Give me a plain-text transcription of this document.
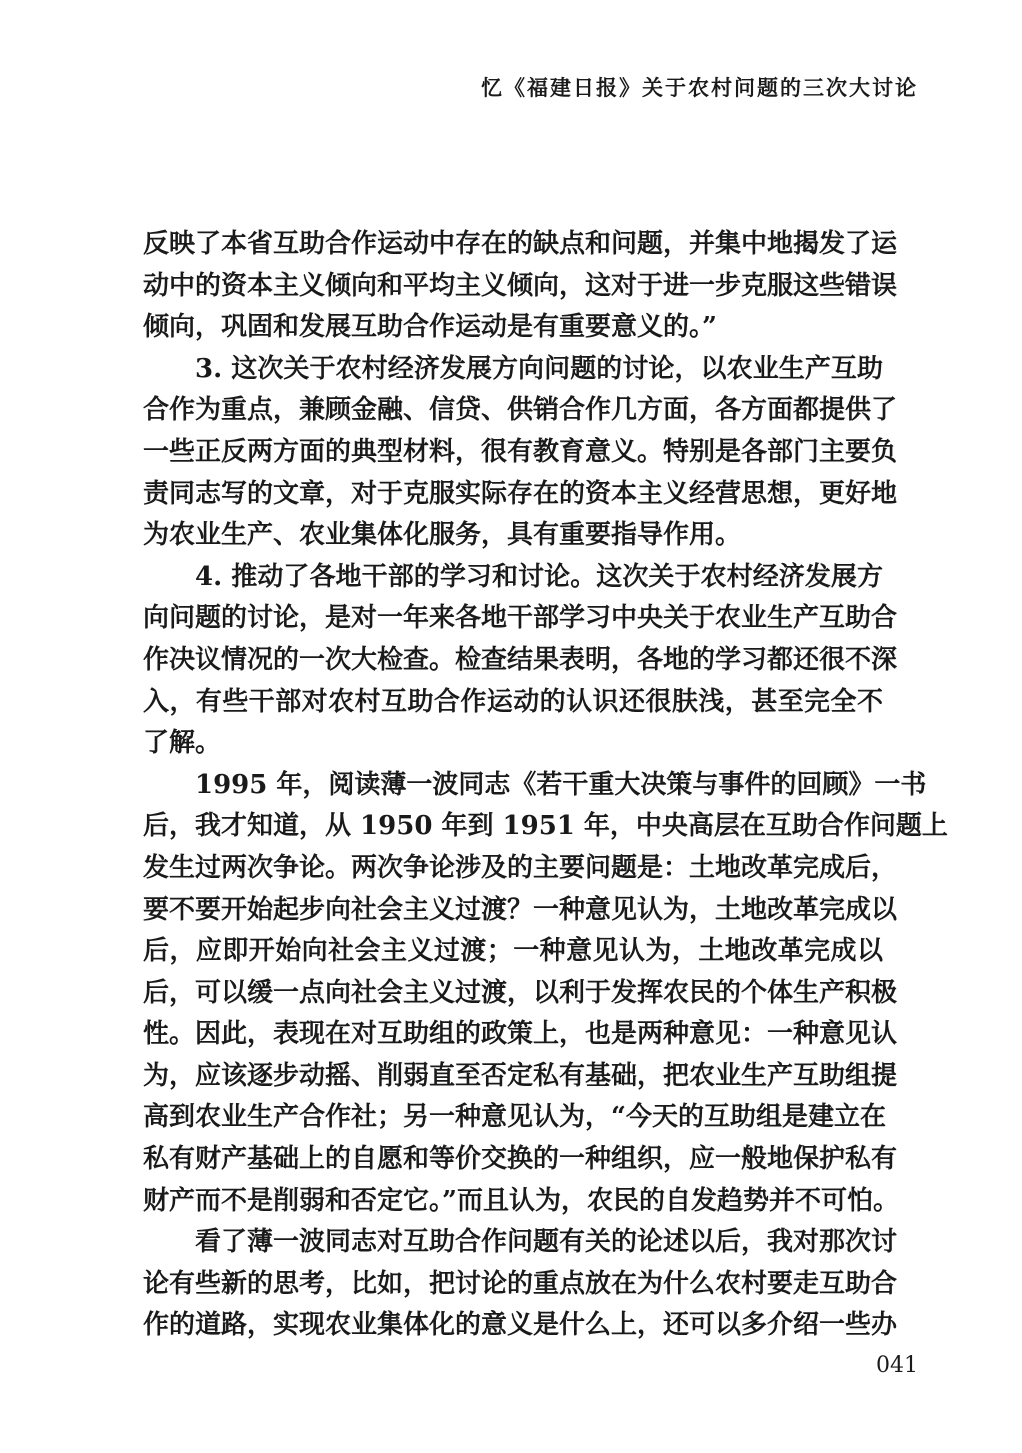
忆《福建日报》关于农村问题的三次大讨论
反映了本省互助合作运动中存在的缺点和问题，并集中地揭发了运
动中的资本主义倾向和平均主义倾向，这对于进一步克服这些错误
倾向，巩固和发展互助合作运动是有重要意义的。”
3. 这次关于农村经济发展方向问题的讨论，以农业生产互助
合作为重点，兼顾金融、信贷、供销合作几方面，各方面都提供了
一些正反两方面的典型材料，很有教育意义。特别是各部门主要负
责同志写的文章，对于克服实际存在的资本主义经营思想，更好地
为农业生产、农业集体化服务，具有重要指导作用。
4. 推动了各地干部的学习和讨论。这次关于农村经济发展方
向问题的讨论，是对一年来各地干部学习中央关于农业生产互助合
作决议情况的一次大检查。检查结果表明，各地的学习都还很不深
入，有些干部对农村互助合作运动的认识还很肤浅，甚至完全不
了解。
1995 年，阅读薄一波同志《若干重大决策与事件的回顾》一书
后，我才知道，从 1950 年到 1951 年，中央高层在互助合作问题上
发生过两次争论。两次争论涉及的主要问题是：土地改革完成后，
要不要开始起步向社会主义过渡？一种意见认为，土地改革完成以
后，应即开始向社会主义过渡；一种意见认为，土地改革完成以
后，可以缓一点向社会主义过渡，以利于发挥农民的个体生产积极
性。因此，表现在对互助组的政策上，也是两种意见：一种意见认
为，应该逐步动摇、削弱直至否定私有基础，把农业生产互助组提
高到农业生产合作社；另一种意见认为，“今天的互助组是建立在
私有财产基础上的自愿和等价交换的一种组织，应一般地保护私有
财产而不是削弱和否定它。”而且认为，农民的自发趋势并不可怕。
看了薄一波同志对互助合作问题有关的论述以后，我对那次讨
论有些新的思考，比如，把讨论的重点放在为什么农村要走互助合
作的道路，实现农业集体化的意义是什么上，还可以多介绍一些办
041
